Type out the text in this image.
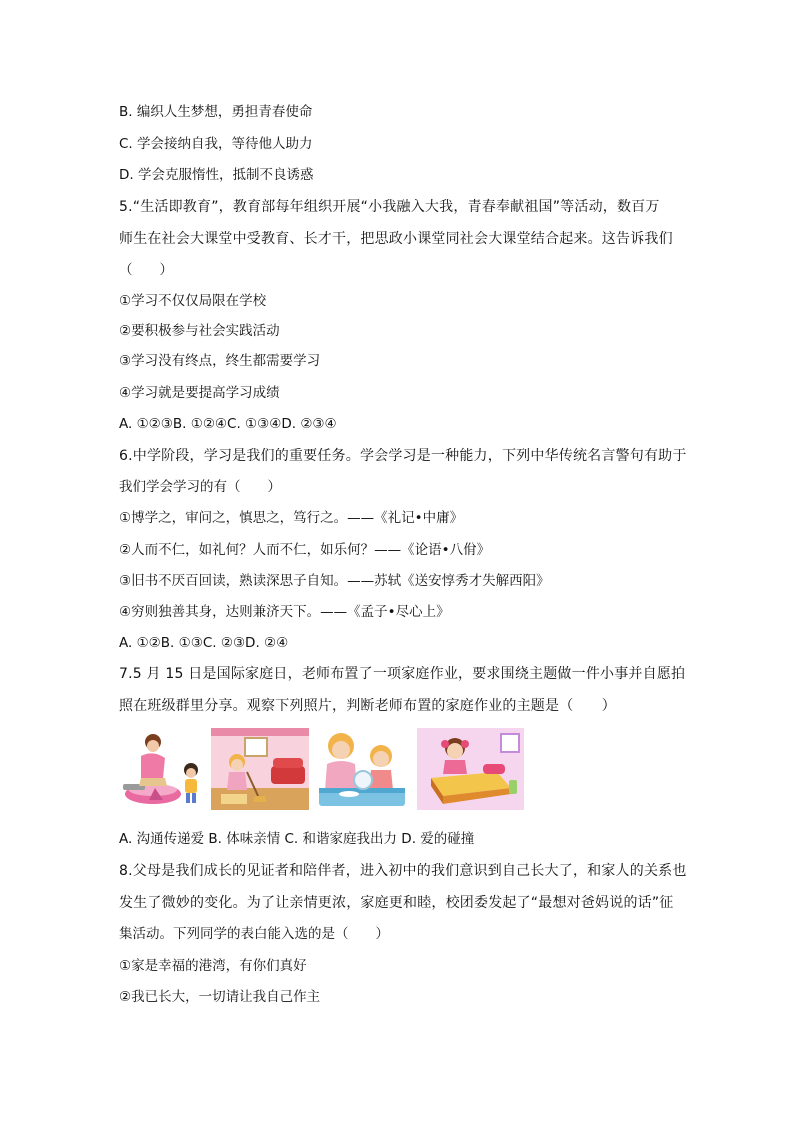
B. 编织人生梦想，勇担青春使命
C. 学会接纳自我，等待他人助力
D. 学会克服惰性，抵制不良诱惑
5.“生活即教育”，教育部每年组织开展“小我融入大我，青春奉献祖国”等活动，数百万
师生在社会大课堂中受教育、长才干，把思政小课堂同社会大课堂结合起来。这告诉我们
（　　）
①学习不仅仅局限在学校
②要积极参与社会实践活动
③学习没有终点，终生都需要学习
④学习就是要提高学习成绩
A. ①②③B. ①②④C. ①③④D. ②③④
6.中学阶段，学习是我们的重要任务。学会学习是一种能力，下列中华传统名言警句有助于
我们学会学习的有（　　）
①博学之，审问之，慎思之，笃行之。——《礼记•中庸》
②人而不仁，如礼何？人而不仁，如乐何？——《论语•八佾》
③旧书不厌百回读，熟读深思子自知。——苏轼《送安惇秀才失解西阳》
④穷则独善其身，达则兼济天下。——《孟子•尽心上》
A. ①②B. ①③C. ②③D. ②④
7.5 月 15 日是国际家庭日，老师布置了一项家庭作业，要求围绕主题做一件小事并自愿拍
照在班级群里分享。观察下列照片，判断老师布置的家庭作业的主题是（　　）
A. 沟通传递爱 B. 体味亲情 C. 和谐家庭我出力 D. 爱的碰撞
8.父母是我们成长的见证者和陪伴者，进入初中的我们意识到自己长大了，和家人的关系也
发生了微妙的变化。为了让亲情更浓，家庭更和睦，校团委发起了“最想对爸妈说的话”征
集活动。下列同学的表白能入选的是（　　）
①家是幸福的港湾，有你们真好
②我已长大，一切请让我自己作主
